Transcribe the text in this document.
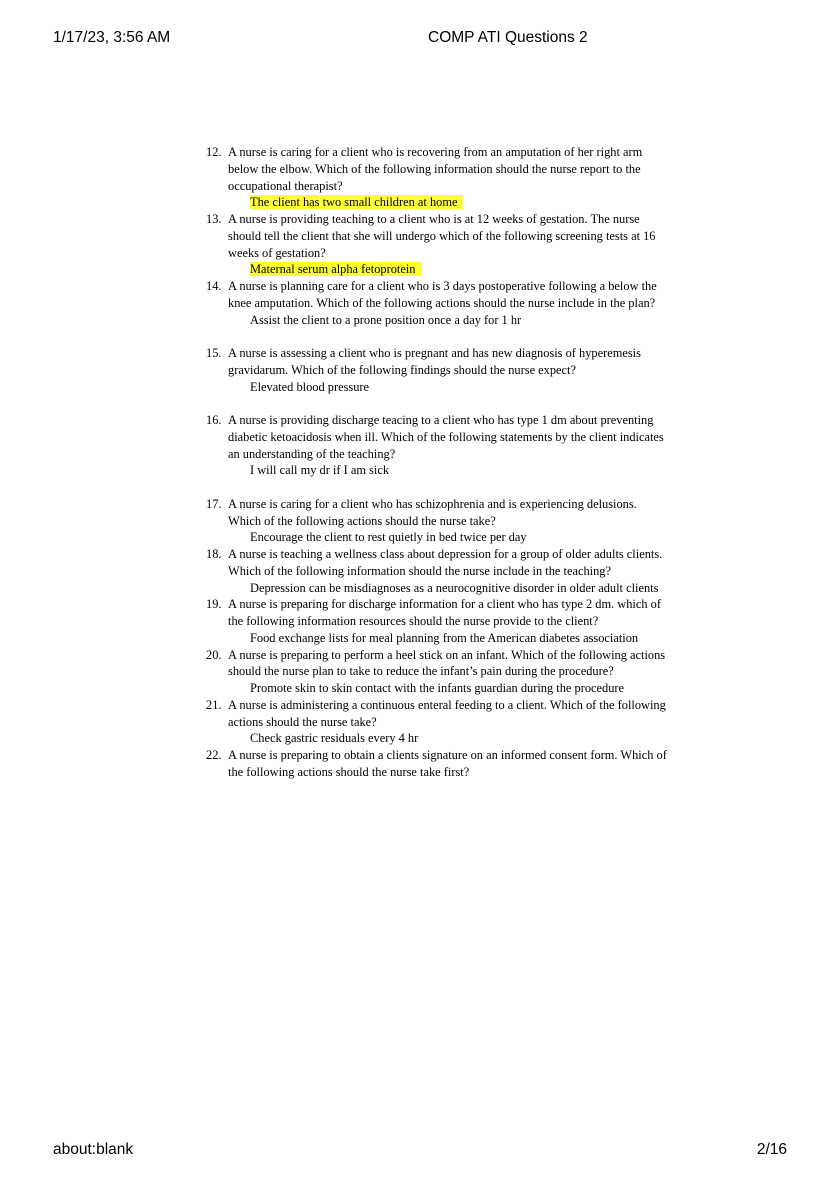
1/17/23, 3:56 AM	COMP ATI Questions 2
12. A nurse is caring for a client who is recovering from an amputation of her right arm below the elbow. Which of the following information should the nurse report to the occupational therapist?
The client has two small children at home
13. A nurse is providing teaching to a client who is at 12 weeks of gestation. The nurse should tell the client that she will undergo which of the following screening tests at 16 weeks of gestation?
Maternal serum alpha fetoprotein
14. A nurse is planning care for a client who is 3 days postoperative following a below the knee amputation. Which of the following actions should the nurse include in the plan?
Assist the client to a prone position once a day for 1 hr
15. A nurse is assessing a client who is pregnant and has new diagnosis of hyperemesis gravidarum. Which of the following findings should the nurse expect?
Elevated blood pressure
16. A nurse is providing discharge teacing to a client who has type 1 dm about preventing diabetic ketoacidosis when ill. Which of the following statements by the client indicates an understanding of the teaching?
I will call my dr if I am sick
17. A nurse is caring for a client who has schizophrenia and is experiencing delusions. Which of the following actions should the nurse take?
Encourage the client to rest quietly in bed twice per day
18. A nurse is teaching a wellness class about depression for a group of older adults clients. Which of the following information should the nurse include in the teaching?
Depression can be misdiagnoses as a neurocognitive disorder in older adult clients
19. A nurse is preparing for discharge information for a client who has type 2 dm. which of the following information resources should the nurse provide to the client?
Food exchange lists for meal planning from the American diabetes association
20. A nurse is preparing to perform a heel stick on an infant. Which of the following actions should the nurse plan to take to reduce the infant’s pain during the procedure?
Promote skin to skin contact with the infants guardian during the procedure
21. A nurse is administering a continuous enteral feeding to a client. Which of the following actions should the nurse take?
Check gastric residuals every 4 hr
22. A nurse is preparing to obtain a clients signature on an informed consent form. Which of the following actions should the nurse take first?
about:blank	2/16
